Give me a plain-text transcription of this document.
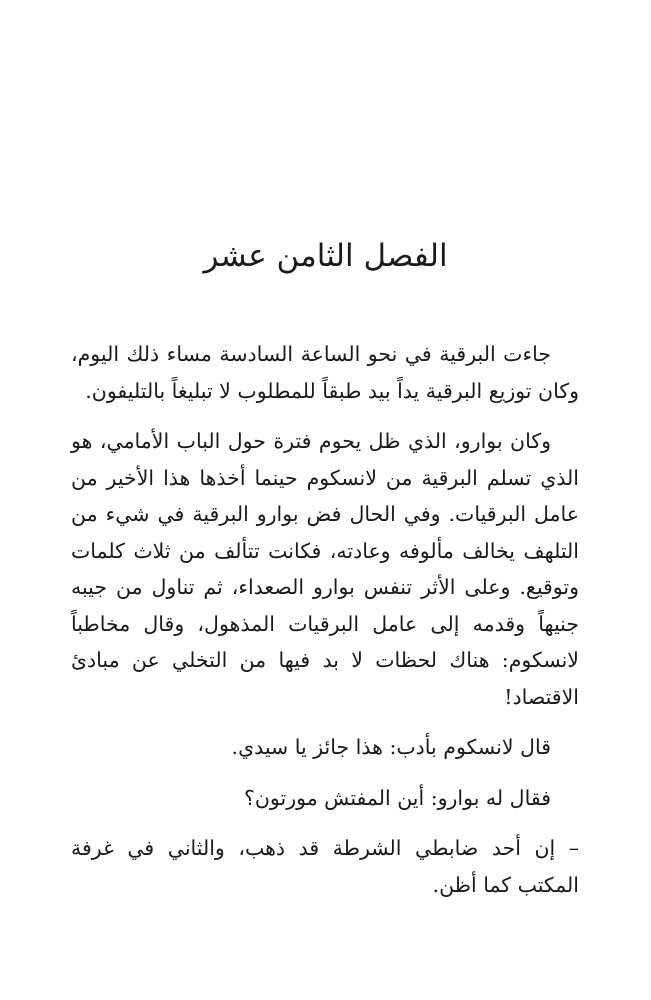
الفصل الثامن عشر

جاءت البرقية في نحو الساعة السادسة مساء ذلك اليوم، وكان توزيع البرقية يداً بيد طبقاً للمطلوب لا تبليغاً بالتليفون.

وكان بوارو، الذي ظل يحوم فترة حول الباب الأمامي، هو الذي تسلم البرقية من لانسكوم حينما أخذها هذا الأخير من عامل البرقيات. وفي الحال فض بوارو البرقية في شيء من التلهف يخالف مألوفه وعادته، فكانت تتألف من ثلاث كلمات وتوقيع. وعلى الأثر تنفس بوارو الصعداء، ثم تناول من جيبه جنيهاً وقدمه إلى عامل البرقيات المذهول، وقال مخاطباً لانسكوم: هناك لحظات لا بد فيها من التخلي عن مبادئ الاقتصاد!

قال لانسكوم بأدب: هذا جائز يا سيدي.

فقال له بوارو: أين المفتش مورتون؟

– إن أحد ضابطي الشرطة قد ذهب، والثاني في غرفة المكتب كما أظن.
